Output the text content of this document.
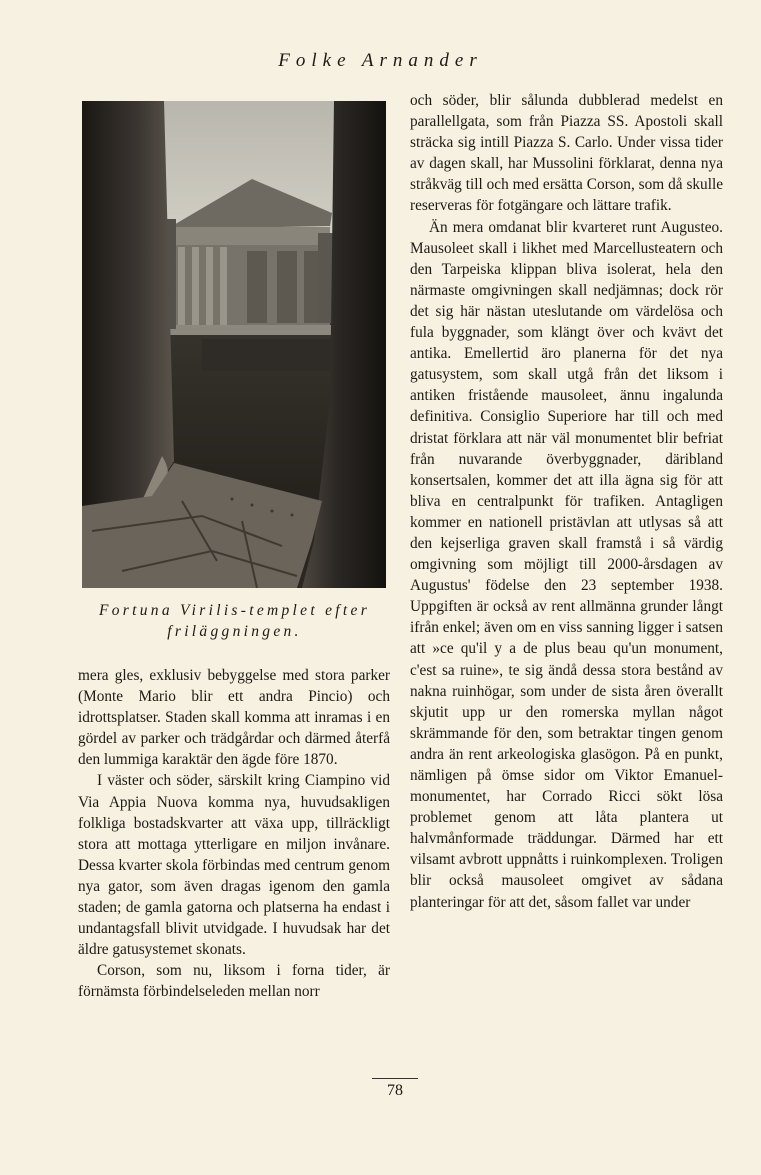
Folke Arnander
Fortuna Virilis-templet efter
friläggningen.

mera gles, exklusiv bebyggelse med stora parker (Monte Mario blir ett andra Pincio) och idrottsplatser. Staden skall komma att inramas i en gördel av parker och trädgårdar och därmed återfå den lummiga karaktär den ägde före 1870.

I väster och söder, särskilt kring Ciampino vid Via Appia Nuova komma nya, huvudsakligen folkliga bostadskvarter att växa upp, tillräckligt stora att mottaga ytterligare en miljon invånare. Dessa kvarter skola förbindas med centrum genom nya gator, som även dragas igenom den gamla staden; de gamla gatorna och platserna ha endast i undantagsfall blivit utvidgade. I huvudsak har det äldre gatusystemet skonats.

Corson, som nu, liksom i forna tider, är förnämsta förbindelseleden mellan norr

och söder, blir sålunda dubblerad medelst en parallellgata, som från Piazza SS. Apostoli skall sträcka sig intill Piazza S. Carlo. Under vissa tider av dagen skall, har Mussolini förklarat, denna nya stråkväg till och med ersätta Corson, som då skulle reserveras för fotgängare och lättare trafik.

Än mera omdanat blir kvarteret runt Augusteo. Mausoleet skall i likhet med Marcellusteatern och den Tarpeiska klippan bliva isolerat, hela den närmaste omgivningen skall nedjämnas; dock rör det sig här nästan uteslutande om värdelösa och fula byggnader, som klängt över och kvävt det antika. Emellertid äro planerna för det nya gatusystem, som skall utgå från det liksom i antiken fristående mausoleet, ännu ingalunda definitiva. Consiglio Superiore har till och med dristat förklara att när väl monumentet blir befriat från nuvarande överbyggnader, däribland konsertsalen, kommer det att illa ägna sig för att bliva en centralpunkt för trafiken. Antagligen kommer en nationell pristävlan att utlysas så att den kejserliga graven skall framstå i så värdig omgivning som möjligt till 2000-årsdagen av Augustus' födelse den 23 september 1938. Uppgiften är också av rent allmänna grunder långt ifrån enkel; även om en viss sanning ligger i satsen att »ce qu'il y a de plus beau qu'un monument, c'est sa ruine», te sig ändå dessa stora bestånd av nakna ruinhögar, som under de sista åren överallt skjutit upp ur den romerska myllan något skrämmande för den, som betraktar tingen genom andra än rent arkeologiska glasögon. På en punkt, nämligen på ömse sidor om Viktor Emanuel-monumentet, har Corrado Ricci sökt lösa problemet genom att låta plantera ut halvmånformade träddungar. Därmed har ett vilsamt avbrott uppnåtts i ruinkomplexen. Troligen blir också mausoleet omgivet av sådana planteringar för att det, såsom fallet var under

78
